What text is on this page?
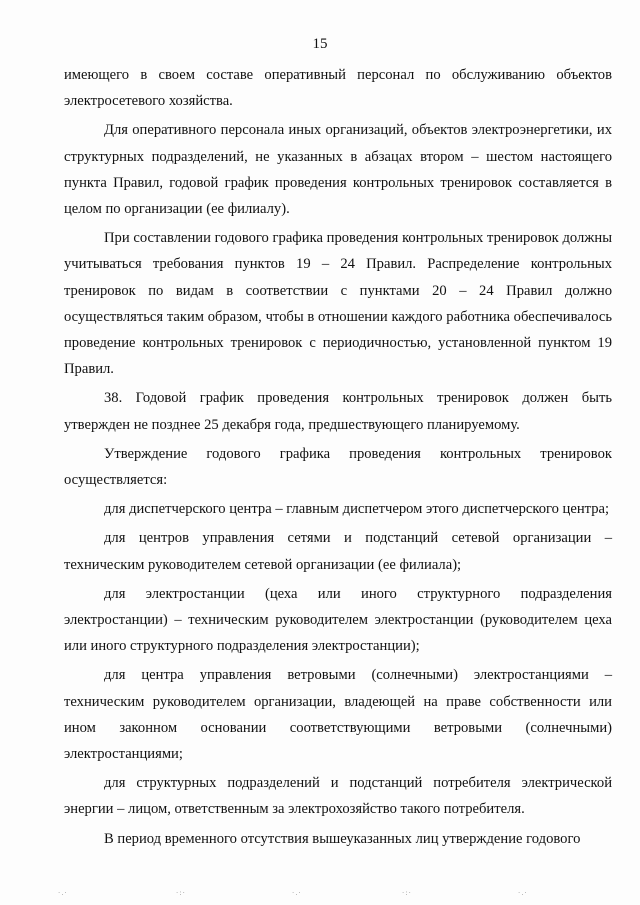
15

имеющего в своем составе оперативный персонал по обслуживанию объектов электросетевого хозяйства.

Для оперативного персонала иных организаций, объектов электроэнергетики, их структурных подразделений, не указанных в абзацах втором – шестом настоящего пункта Правил, годовой график проведения контрольных тренировок составляется в целом по организации (ее филиалу).

При составлении годового графика проведения контрольных тренировок должны учитываться требования пунктов 19 – 24 Правил. Распределение контрольных тренировок по видам в соответствии с пунктами 20 – 24 Правил должно осуществляться таким образом, чтобы в отношении каждого работника обеспечивалось проведение контрольных тренировок с периодичностью, установленной пунктом 19 Правил.

38. Годовой график проведения контрольных тренировок должен быть утвержден не позднее 25 декабря года, предшествующего планируемому.

Утверждение годового графика проведения контрольных тренировок осуществляется:

для диспетчерского центра – главным диспетчером этого диспетчерского центра;

для центров управления сетями и подстанций сетевой организации – техническим руководителем сетевой организации (ее филиала);

для электростанции (цеха или иного структурного подразделения электростанции) – техническим руководителем электростанции (руководителем цеха или иного структурного подразделения электростанции);

для центра управления ветровыми (солнечными) электростанциями – техническим руководителем организации, владеющей на праве собственности или ином законном основании соответствующими ветровыми (солнечными) электростанциями;

для структурных подразделений и подстанций потребителя электрической энергии – лицом, ответственным за электрохозяйство такого потребителя.

В период временного отсутствия вышеуказанных лиц утверждение годового

·.·	·:·	·.·	·:·	·.·
